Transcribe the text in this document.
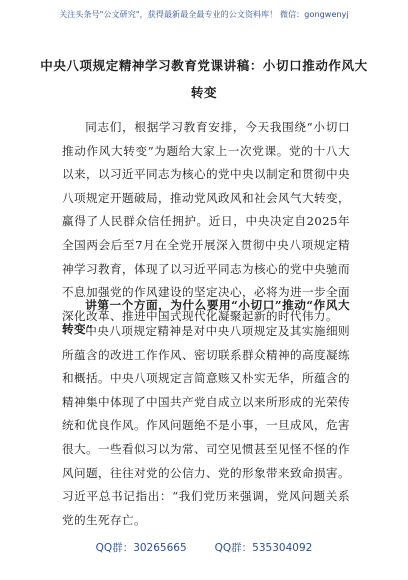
关注头条号"公文研究"，获得最新最全最专业的公文资料库！ 微信：gongwenyj
中央八项规定精神学习教育党课讲稿：小切口推动作风大转变

同志们，根据学习教育安排，今天我围绕“小切口推动作风大转变”为题给大家上一次党课。党的十八大以来，以习近平同志为核心的党中央以制定和贯彻中央八项规定开题破局，推动党风政风和社会风气大转变，赢得了人民群众信任拥护。近日，中央决定自2025年全国两会后至7月在全党开展深入贯彻中央八项规定精神学习教育，体现了以习近平同志为核心的党中央驰而不息加强党的作风建设的坚定决心，必将为进一步全面深化改革、推进中国式现代化凝聚起新的时代伟力。

讲第一个方面，为什么要用“小切口”推动“作风大转变”

中央八项规定精神是对中央八项规定及其实施细则所蕴含的改进工作作风、密切联系群众精神的高度凝练和概括。中央八项规定言简意赅又朴实无华，所蕴含的精神集中体现了中国共产党自成立以来所形成的光荣传统和优良作风。作风问题绝不是小事，一旦成风，危害很大。一些看似习以为常、司空见惯甚至见怪不怪的作风问题，往往对党的公信力、党的形象带来致命损害。习近平总书记指出：“我们党历来强调，党风问题关系党的生死存亡。

QQ群：30265665	QQ群：535304092
